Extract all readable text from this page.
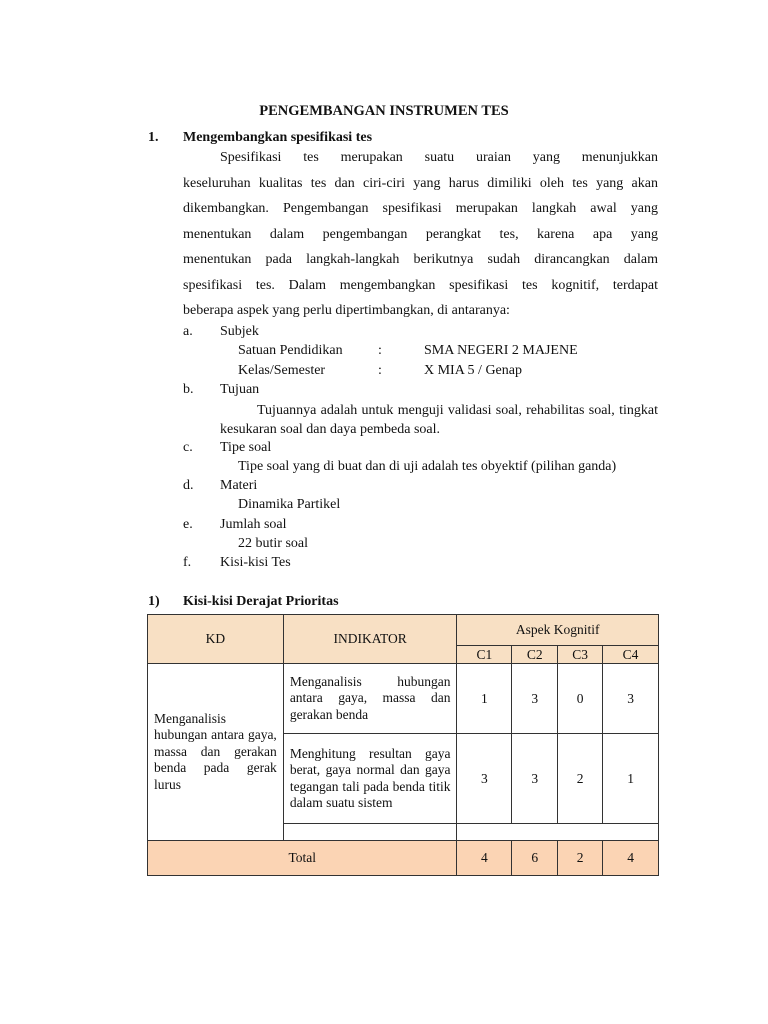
PENGEMBANGAN INSTRUMEN TES
1. Mengembangkan spesifikasi tes
Spesifikasi tes merupakan suatu uraian yang menunjukkan
keseluruhan kualitas tes dan ciri-ciri yang harus dimiliki oleh tes yang akan
dikembangkan. Pengembangan spesifikasi merupakan langkah awal yang
menentukan dalam pengembangan perangkat tes, karena apa yang
menentukan pada langkah-langkah berikutnya sudah dirancangkan dalam
spesifikasi tes. Dalam mengembangkan spesifikasi tes kognitif, terdapat
beberapa aspek yang perlu dipertimbangkan, di antaranya:
a. Subjek
Satuan Pendidikan	:	SMA NEGERI 2 MAJENE
Kelas/Semester	:	X MIA 5 / Genap
b. Tujuan
Tujuannya adalah untuk menguji validasi soal, rehabilitas soal, tingkat kesukaran soal dan daya pembeda soal.
c. Tipe soal
Tipe soal yang di buat dan di uji adalah tes obyektif (pilihan ganda)
d. Materi
Dinamika Partikel
e. Jumlah soal
22 butir soal
f. Kisi-kisi Tes
1) Kisi-kisi Derajat Prioritas
KD	INDIKATOR	Aspek Kognitif			
		C1	C2	C3	C4

Menganalisis hubungan antara gaya, massa dan gerakan benda pada gerak lurus	Menganalisis hubungan antara gaya, massa dan gerakan benda	1	3	0	3

	Menghitung resultan gaya berat, gaya normal dan gaya tegangan tali pada benda titik dalam suatu sistem	3	3	2	1

Total		4	6	2	4
